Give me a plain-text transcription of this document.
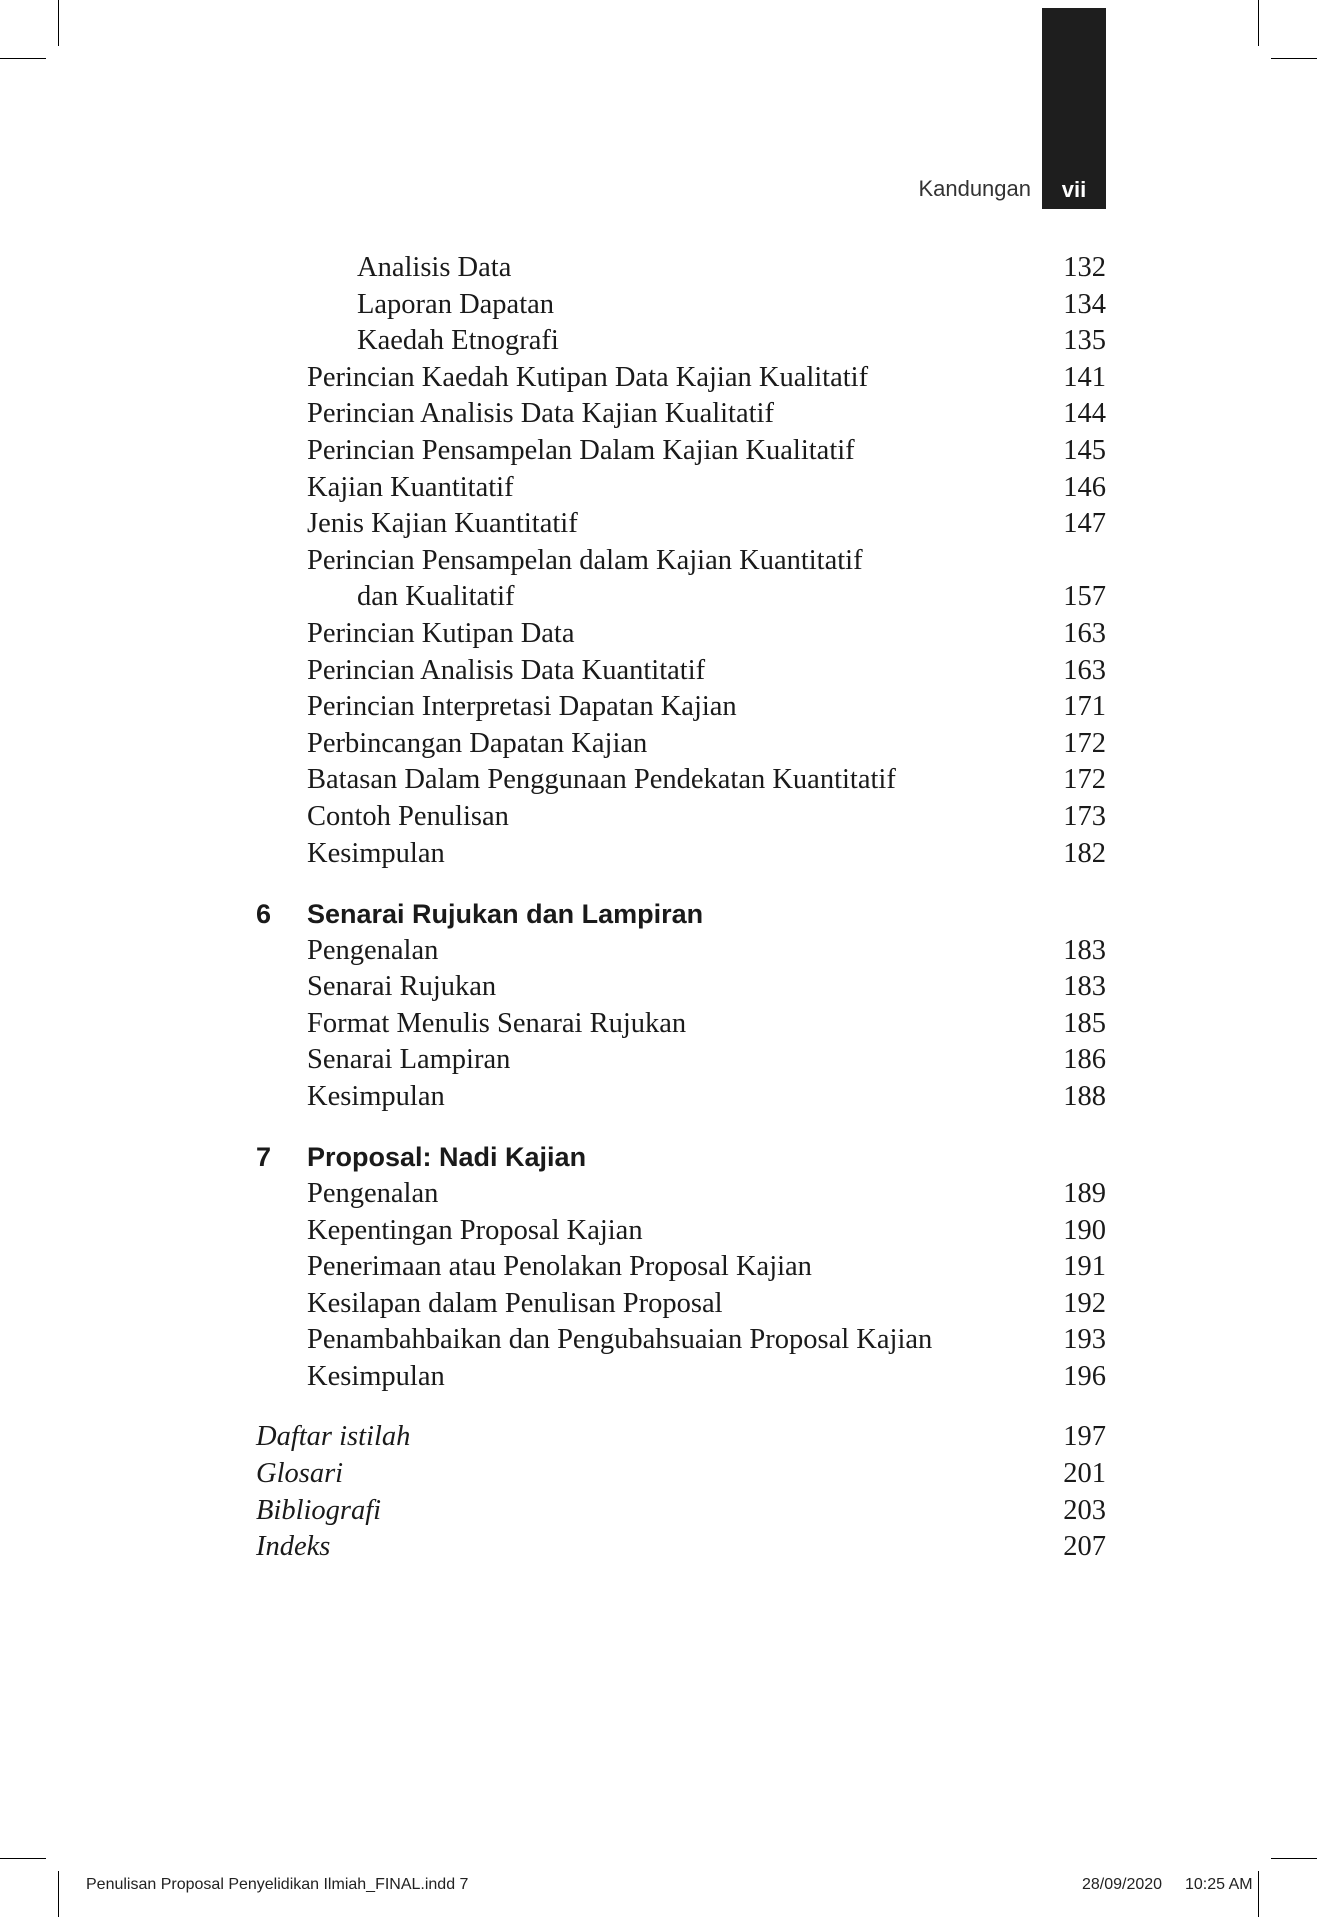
Kandungan	vii
Analisis Data	132
Laporan Dapatan	134
Kaedah Etnografi	135
Perincian Kaedah Kutipan Data Kajian Kualitatif	141
Perincian Analisis Data Kajian Kualitatif	144
Perincian Pensampelan Dalam Kajian Kualitatif	145
Kajian Kuantitatif	146
Jenis Kajian Kuantitatif	147
Perincian Pensampelan dalam Kajian Kuantitatif
dan Kualitatif	157
Perincian Kutipan Data	163
Perincian Analisis Data Kuantitatif	163
Perincian Interpretasi Dapatan Kajian	171
Perbincangan Dapatan Kajian	172
Batasan Dalam Penggunaan Pendekatan Kuantitatif	172
Contoh Penulisan	173
Kesimpulan	182
6 Senarai Rujukan dan Lampiran
Pengenalan	183
Senarai Rujukan	183
Format Menulis Senarai Rujukan	185
Senarai Lampiran	186
Kesimpulan	188
7 Proposal: Nadi Kajian
Pengenalan	189
Kepentingan Proposal Kajian	190
Penerimaan atau Penolakan Proposal Kajian	191
Kesilapan dalam Penulisan Proposal	192
Penambahbaikan dan Pengubahsuaian Proposal Kajian	193
Kesimpulan	196
Daftar istilah	197
Glosari	201
Bibliografi	203
Indeks	207
Penulisan Proposal Penyelidikan Ilmiah_FINAL.indd 7	28/09/2020 10:25 AM
